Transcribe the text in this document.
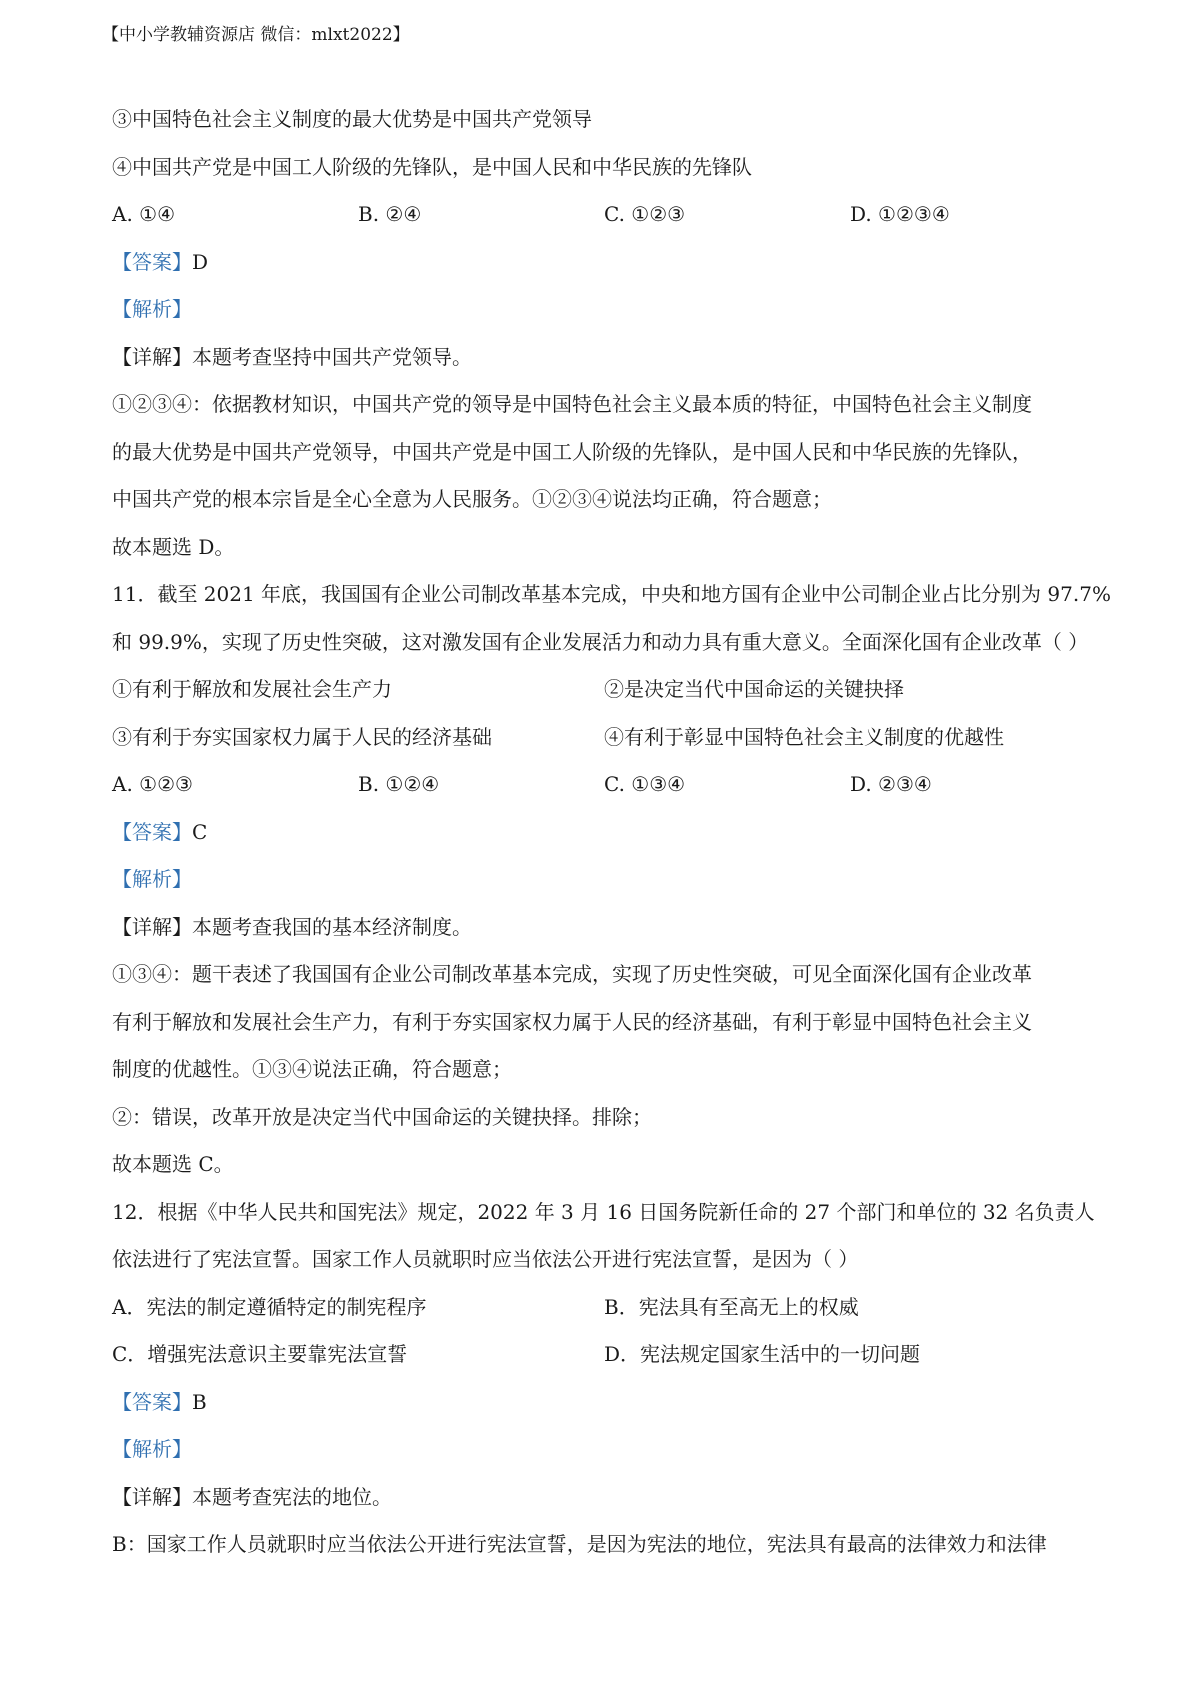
【中小学教辅资源店 微信：mlxt2022】
③中国特色社会主义制度的最大优势是中国共产党领导
④中国共产党是中国工人阶级的先锋队，是中国人民和中华民族的先锋队
A. ①④	B. ②④	C. ①②③	D. ①②③④
【答案】D
【解析】
【详解】本题考查坚持中国共产党领导。
①②③④：依据教材知识，中国共产党的领导是中国特色社会主义最本质的特征，中国特色社会主义制度
的最大优势是中国共产党领导，中国共产党是中国工人阶级的先锋队，是中国人民和中华民族的先锋队，
中国共产党的根本宗旨是全心全意为人民服务。①②③④说法均正确，符合题意；
故本题选 D。
11．截至 2021 年底，我国国有企业公司制改革基本完成，中央和地方国有企业中公司制企业占比分别为 97.7%
和 99.9%，实现了历史性突破，这对激发国有企业发展活力和动力具有重大意义。全面深化国有企业改革（ ）
①有利于解放和发展社会生产力	②是决定当代中国命运的关键抉择
③有利于夯实国家权力属于人民的经济基础	④有利于彰显中国特色社会主义制度的优越性
A. ①②③	B. ①②④	C. ①③④	D. ②③④
【答案】C
【解析】
【详解】本题考查我国的基本经济制度。
①③④：题干表述了我国国有企业公司制改革基本完成，实现了历史性突破，可见全面深化国有企业改革
有利于解放和发展社会生产力，有利于夯实国家权力属于人民的经济基础，有利于彰显中国特色社会主义
制度的优越性。①③④说法正确，符合题意；
②：错误，改革开放是决定当代中国命运的关键抉择。排除；
故本题选 C。
12．根据《中华人民共和国宪法》规定，2022 年 3 月 16 日国务院新任命的 27 个部门和单位的 32 名负责人
依法进行了宪法宣誓。国家工作人员就职时应当依法公开进行宪法宣誓，是因为（ ）
A．宪法的制定遵循特定的制宪程序	B．宪法具有至高无上的权威
C．增强宪法意识主要靠宪法宣誓	D．宪法规定国家生活中的一切问题
【答案】B
【解析】
【详解】本题考查宪法的地位。
B：国家工作人员就职时应当依法公开进行宪法宣誓，是因为宪法的地位，宪法具有最高的法律效力和法律
